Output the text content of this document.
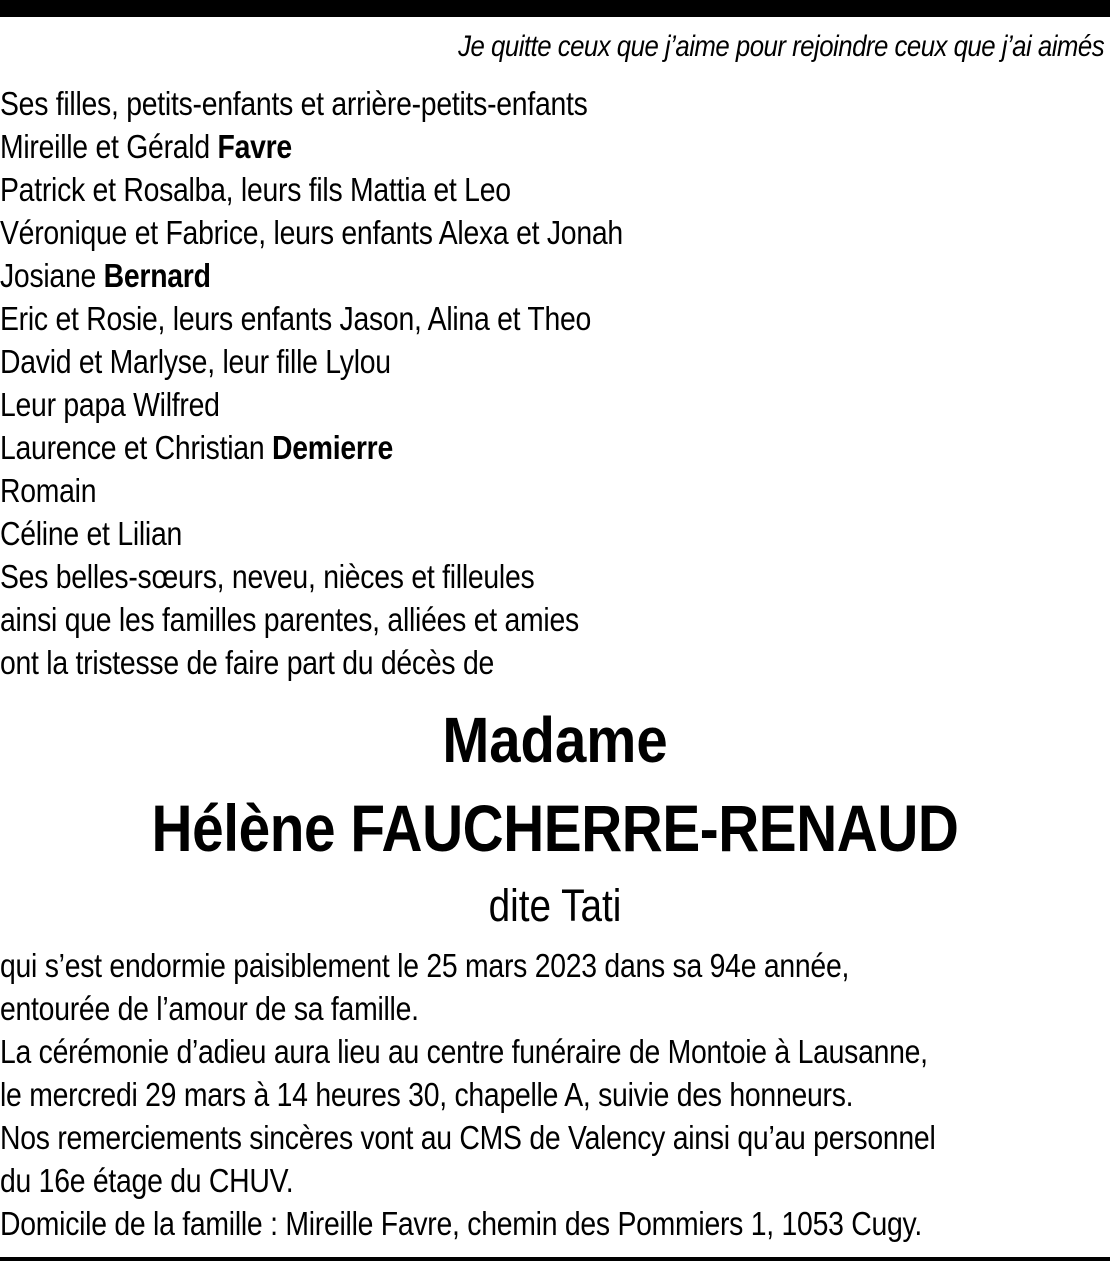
Je quitte ceux que j’aime pour rejoindre ceux que j’ai aimés
Ses filles, petits-enfants et arrière-petits-enfants
Mireille et Gérald Favre
Patrick et Rosalba, leurs fils Mattia et Leo
Véronique et Fabrice, leurs enfants Alexa et Jonah
Josiane Bernard
Eric et Rosie, leurs enfants Jason, Alina et Theo
David et Marlyse, leur fille Lylou
Leur papa Wilfred
Laurence et Christian Demierre
Romain
Céline et Lilian
Ses belles-sœurs, neveu, nièces et filleules
ainsi que les familles parentes, alliées et amies
ont la tristesse de faire part du décès de
Madame
Hélène FAUCHERRE-RENAUD
dite Tati
qui s’est endormie paisiblement le 25 mars 2023 dans sa 94e année,
entourée de l’amour de sa famille.
La cérémonie d’adieu aura lieu au centre funéraire de Montoie à Lausanne,
le mercredi 29 mars à 14 heures 30, chapelle A, suivie des honneurs.
Nos remerciements sincères vont au CMS de Valency ainsi qu’au personnel
du 16e étage du CHUV.
Domicile de la famille : Mireille Favre, chemin des Pommiers 1, 1053 Cugy.
